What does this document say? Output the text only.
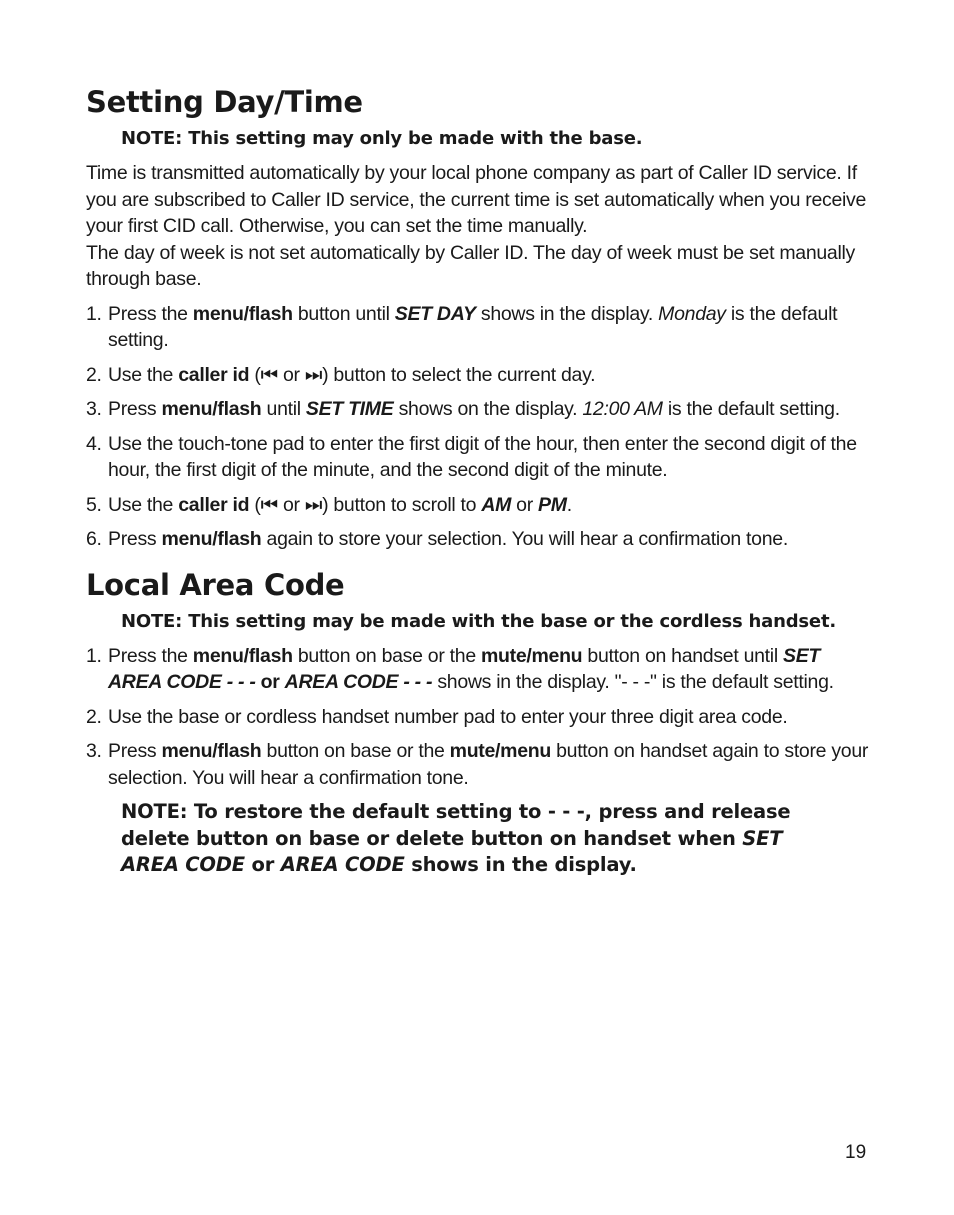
Setting Day/Time
NOTE: This setting may only be made with the base.

Time is transmitted automatically by your local phone company as part of Caller ID service. If you are subscribed to Caller ID service, the current time is set automatically when you receive your first CID call. Otherwise, you can set the time manually.
The day of week is not set automatically by Caller ID. The day of week must be set manually through base.

1. Press the menu/flash button until SET DAY shows in the display. Monday is the default setting.
2. Use the caller id (⏮ or ⏭) button to select the current day.
3. Press menu/flash until SET TIME shows on the display. 12:00 AM is the default setting.
4. Use the touch-tone pad to enter the first digit of the hour, then enter the second digit of the hour, the first digit of the minute, and the second digit of the minute.
5. Use the caller id (⏮ or ⏭) button to scroll to AM or PM.
6. Press menu/flash again to store your selection. You will hear a confirmation tone.
Local Area Code
NOTE: This setting may be made with the base or the cordless handset.
1. Press the menu/flash button on base or the mute/menu button on handset until SET AREA CODE - - - or AREA CODE - - - shows in the display. "- - -" is the default setting.
2. Use the base or cordless handset number pad to enter your three digit area code.
3. Press menu/flash button on base or the mute/menu button on handset again to store your selection. You will hear a confirmation tone.
NOTE: To restore the default setting to - - -, press and release delete button on base or delete button on handset when SET AREA CODE or AREA CODE shows in the display.
19
